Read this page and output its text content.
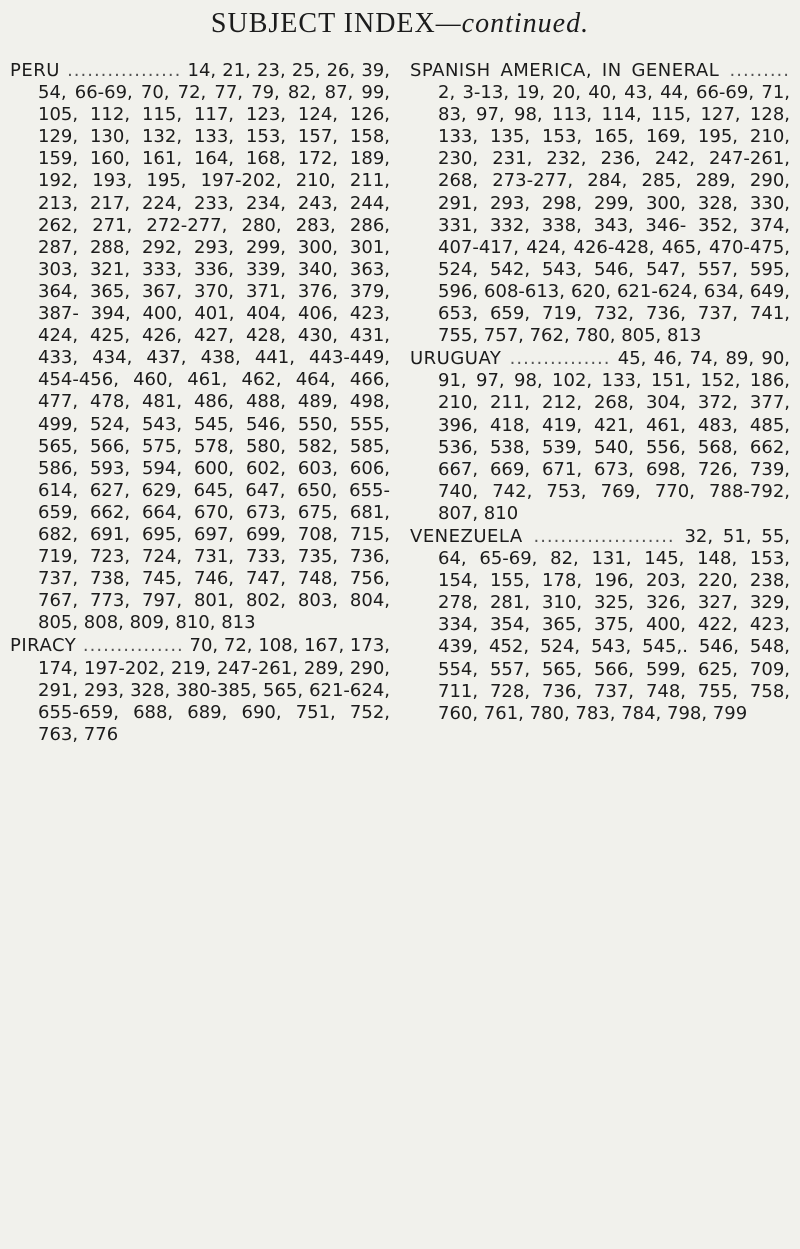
SUBJECT INDEX—continued.

PERU ................. 14, 21, 23, 25, 26, 39, 54, 66-69, 70, 72, 77, 79, 82, 87, 99, 105, 112, 115, 117, 123, 124, 126, 129, 130, 132, 133, 153, 157, 158, 159, 160, 161, 164, 168, 172, 189, 192, 193, 195, 197-202, 210, 211, 213, 217, 224, 233, 234, 243, 244, 262, 271, 272-277, 280, 283, 286, 287, 288, 292, 293, 299, 300, 301, 303, 321, 333, 336, 339, 340, 363, 364, 365, 367, 370, 371, 376, 379, 387- 394, 400, 401, 404, 406, 423, 424, 425, 426, 427, 428, 430, 431, 433, 434, 437, 438, 441, 443-449, 454-456, 460, 461, 462, 464, 466, 477, 478, 481, 486, 488, 489, 498, 499, 524, 543, 545, 546, 550, 555, 565, 566, 575, 578, 580, 582, 585, 586, 593, 594, 600, 602, 603, 606, 614, 627, 629, 645, 647, 650, 655-659, 662, 664, 670, 673, 675, 681, 682, 691, 695, 697, 699, 708, 715, 719, 723, 724, 731, 733, 735, 736, 737, 738, 745, 746, 747, 748, 756, 767, 773, 797, 801, 802, 803, 804, 805, 808, 809, 810, 813

PIRACY ............... 70, 72, 108, 167, 173, 174, 197-202, 219, 247-261, 289, 290, 291, 293, 328, 380-385, 565, 621-624, 655-659, 688, 689, 690, 751, 752, 763, 776

SPANISH AMERICA, IN GENERAL ......... 2, 3-13, 19, 20, 40, 43, 44, 66-69, 71, 83, 97, 98, 113, 114, 115, 127, 128, 133, 135, 153, 165, 169, 195, 210, 230, 231, 232, 236, 242, 247-261, 268, 273-277, 284, 285, 289, 290, 291, 293, 298, 299, 300, 328, 330, 331, 332, 338, 343, 346- 352, 374, 407-417, 424, 426-428, 465, 470-475, 524, 542, 543, 546, 547, 557, 595, 596, 608-613, 620, 621-624, 634, 649, 653, 659, 719, 732, 736, 737, 741, 755, 757, 762, 780, 805, 813

URUGUAY ............... 45, 46, 74, 89, 90, 91, 97, 98, 102, 133, 151, 152, 186, 210, 211, 212, 268, 304, 372, 377, 396, 418, 419, 421, 461, 483, 485, 536, 538, 539, 540, 556, 568, 662, 667, 669, 671, 673, 698, 726, 739, 740, 742, 753, 769, 770, 788-792, 807, 810

VENEZUELA ..................... 32, 51, 55, 64, 65-69, 82, 131, 145, 148, 153, 154, 155, 178, 196, 203, 220, 238, 278, 281, 310, 325, 326, 327, 329, 334, 354, 365, 375, 400, 422, 423, 439, 452, 524, 543, 545,. 546, 548, 554, 557, 565, 566, 599, 625, 709, 711, 728, 736, 737, 748, 755, 758, 760, 761, 780, 783, 784, 798, 799
